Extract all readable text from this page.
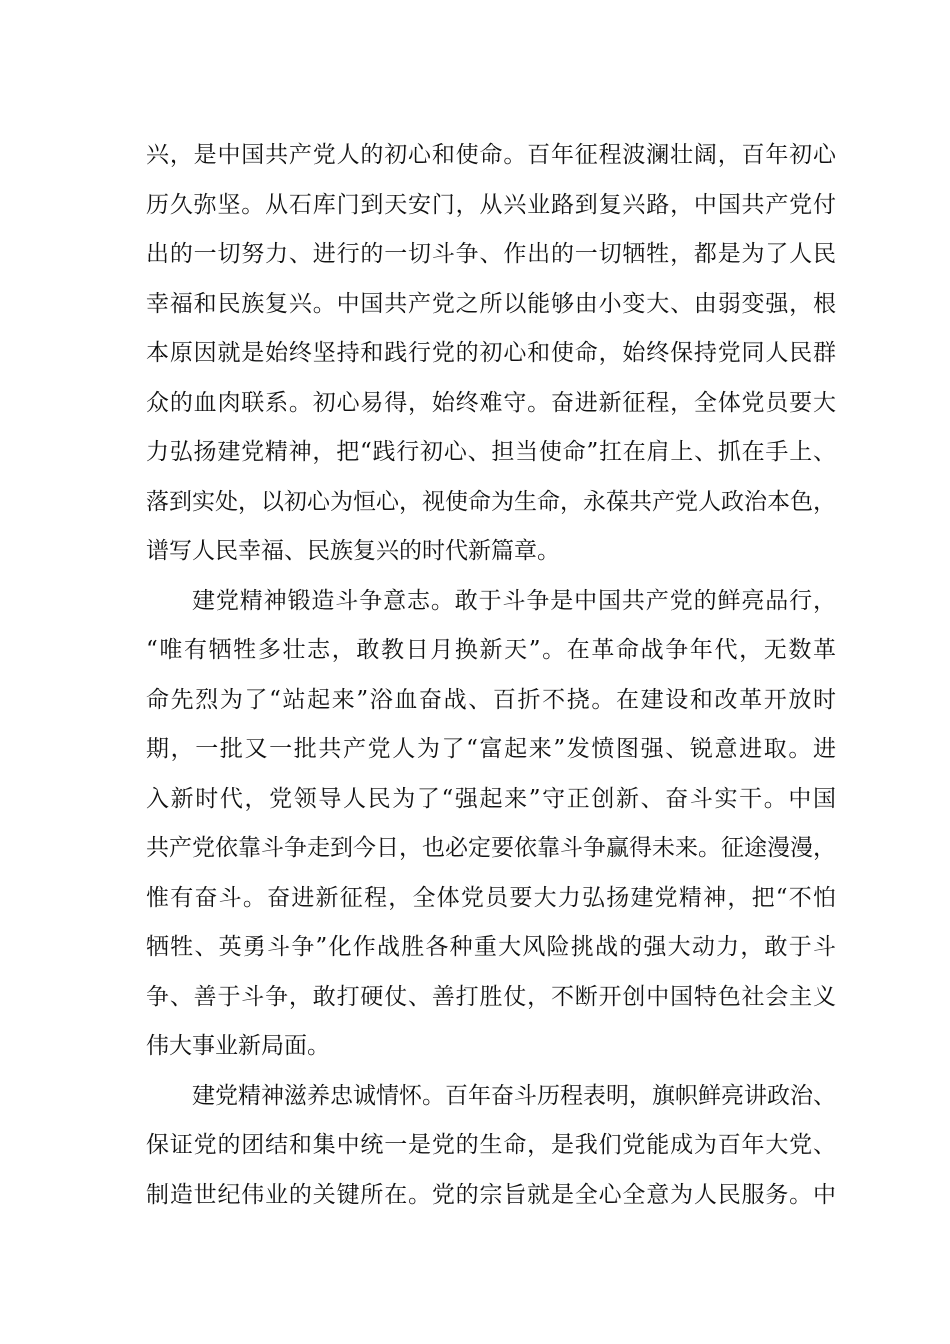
兴，是中国共产党人的初心和使命。百年征程波澜壮阔，百年初心
历久弥坚。从石库门到天安门，从兴业路到复兴路，中国共产党付
出的一切努力、进行的一切斗争、作出的一切牺牲，都是为了人民
幸福和民族复兴。中国共产党之所以能够由小变大、由弱变强，根
本原因就是始终坚持和践行党的初心和使命，始终保持党同人民群
众的血肉联系。初心易得，始终难守。奋进新征程，全体党员要大
力弘扬建党精神，把“践行初心、担当使命”扛在肩上、抓在手上、
落到实处，以初心为恒心，视使命为生命，永葆共产党人政治本色，
谱写人民幸福、民族复兴的时代新篇章。

建党精神锻造斗争意志。敢于斗争是中国共产党的鲜亮品行，
“唯有牺牲多壮志，敢教日月换新天”。在革命战争年代，无数革
命先烈为了“站起来”浴血奋战、百折不挠。在建设和改革开放时
期，一批又一批共产党人为了“富起来”发愤图强、锐意进取。进
入新时代，党领导人民为了“强起来”守正创新、奋斗实干。中国
共产党依靠斗争走到今日，也必定要依靠斗争赢得未来。征途漫漫，
惟有奋斗。奋进新征程，全体党员要大力弘扬建党精神，把“不怕
牺牲、英勇斗争”化作战胜各种重大风险挑战的强大动力，敢于斗
争、善于斗争，敢打硬仗、善打胜仗，不断开创中国特色社会主义
伟大事业新局面。

建党精神滋养忠诚情怀。百年奋斗历程表明，旗帜鲜亮讲政治、
保证党的团结和集中统一是党的生命，是我们党能成为百年大党、
制造世纪伟业的关键所在。党的宗旨就是全心全意为人民服务。中
